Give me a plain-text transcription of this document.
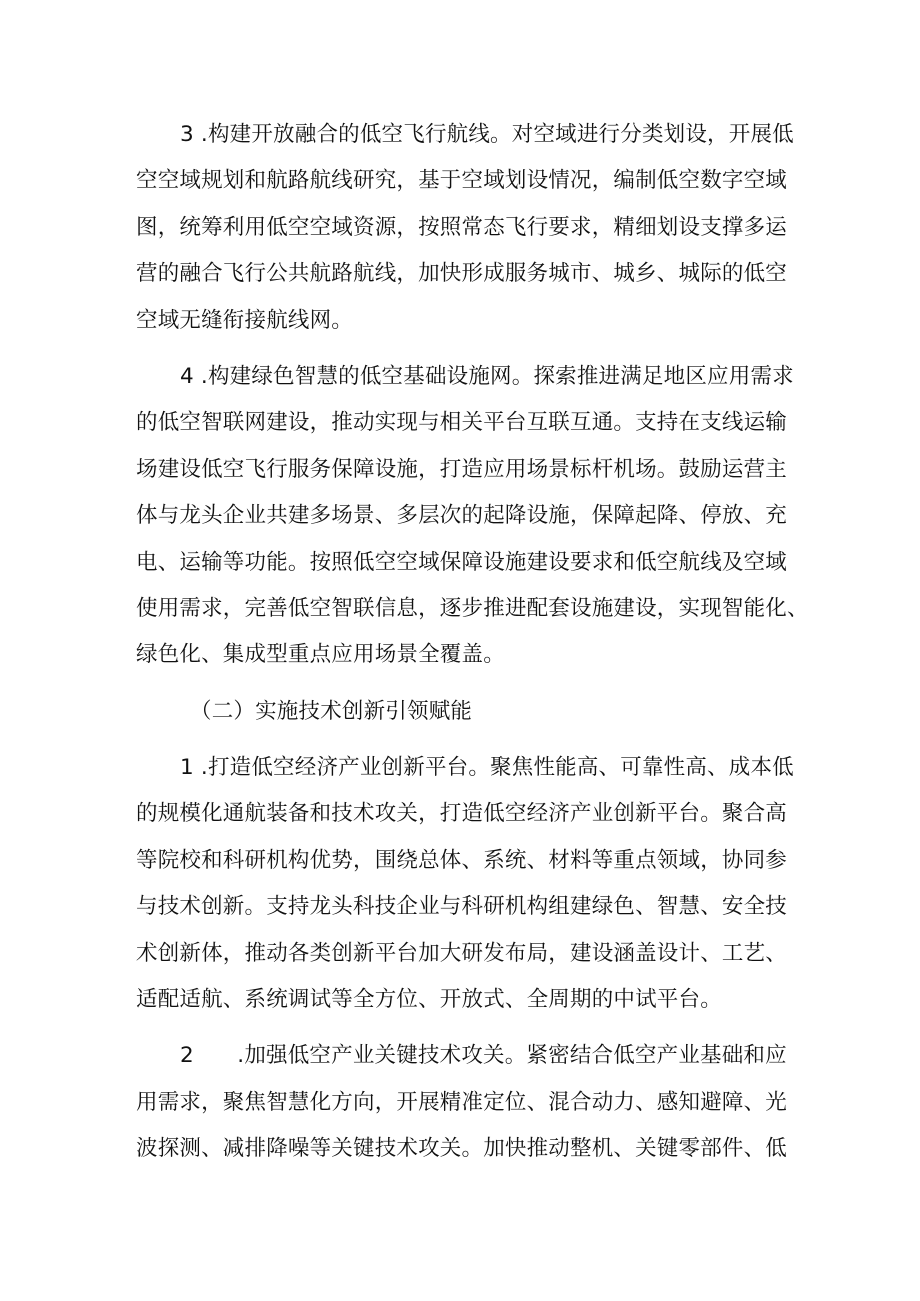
3 .构建开放融合的低空飞行航线。对空域进行分类划设，开展低
空空域规划和航路航线研究，基于空域划设情况，编制低空数字空域
图，统筹利用低空空域资源，按照常态飞行要求，精细划设支撑多运
营的融合飞行公共航路航线，加快形成服务城市、城乡、城际的低空
空域无缝衔接航线网。
4 .构建绿色智慧的低空基础设施网。探索推进满足地区应用需求
的低空智联网建设，推动实现与相关平台互联互通。支持在支线运输
场建设低空飞行服务保障设施，打造应用场景标杆机场。鼓励运营主
体与龙头企业共建多场景、多层次的起降设施，保障起降、停放、充
电、运输等功能。按照低空空域保障设施建设要求和低空航线及空域
使用需求，完善低空智联信息，逐步推进配套设施建设，实现智能化、
绿色化、集成型重点应用场景全覆盖。
（二）实施技术创新引领赋能
1 .打造低空经济产业创新平台。聚焦性能高、可靠性高、成本低
的规模化通航装备和技术攻关，打造低空经济产业创新平台。聚合高
等院校和科研机构优势，围绕总体、系统、材料等重点领域，协同参
与技术创新。支持龙头科技企业与科研机构组建绿色、智慧、安全技
术创新体，推动各类创新平台加大研发布局，建设涵盖设计、工艺、
适配适航、系统调试等全方位、开放式、全周期的中试平台。
2　　.加强低空产业关键技术攻关。紧密结合低空产业基础和应
用需求，聚焦智慧化方向，开展精准定位、混合动力、感知避障、光
波探测、减排降噪等关键技术攻关。加快推动整机、关键零部件、低
